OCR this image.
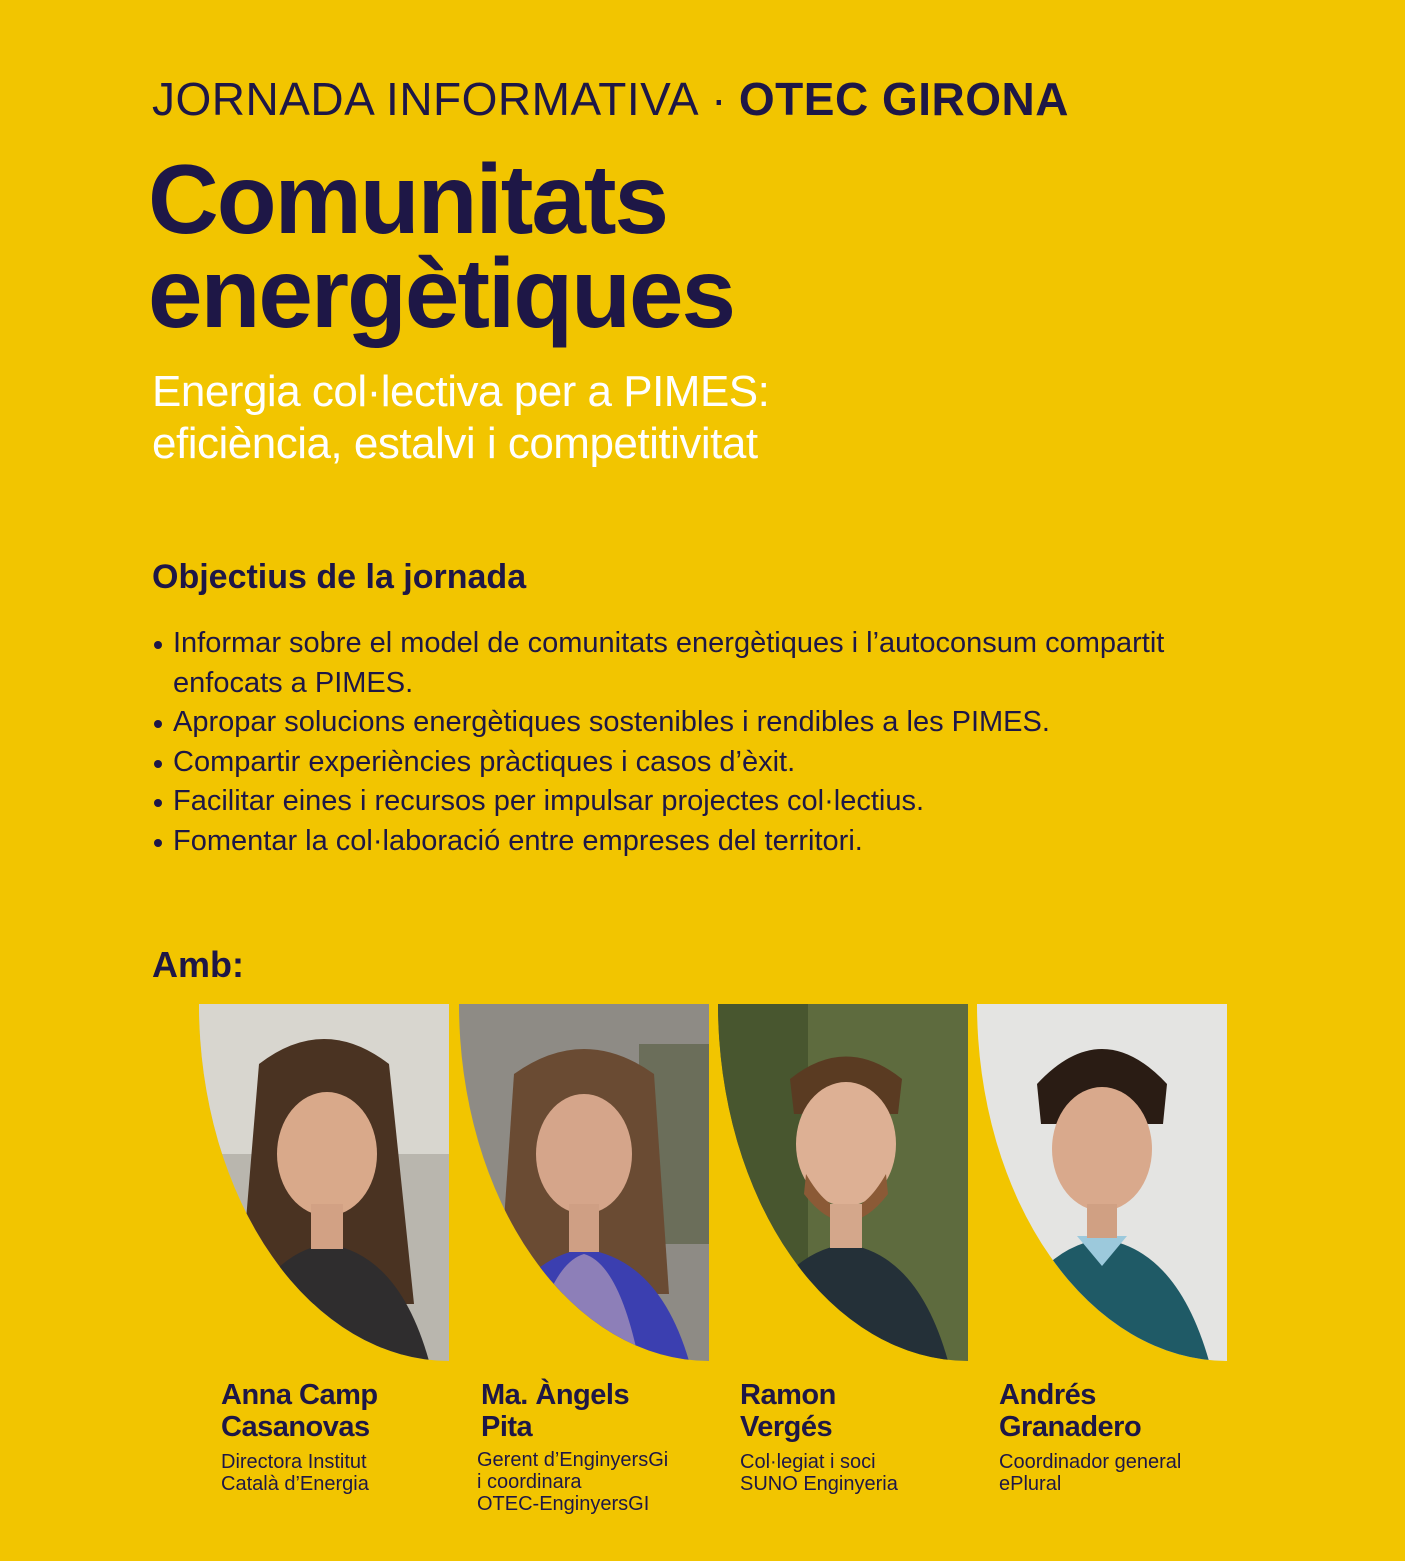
JORNADA INFORMATIVA · OTEC GIRONA
Comunitats
energètiques

Energia col·lectiva per a PIMES:
eficiència, estalvi i competitivitat

Objectius de la jornada
Informar sobre el model de comunitats energètiques i l’autoconsum compartit enfocats a PIMES.
Apropar solucions energètiques sostenibles i rendibles a les PIMES.
Compartir experiències pràctiques i casos d’èxit.
Facilitar eines i recursos per impulsar projectes col·lectius.
Fomentar la col·laboració entre empreses del territori.
Amb:
Anna Camp
Casanovas
Directora Institut
Català d’Energia
Ma. Àngels
Pita
Gerent d’EnginyersGi
i coordinara
OTEC-EnginyersGI
Ramon
Vergés
Col·legiat i soci
SUNO Enginyeria
Andrés
Granadero
Coordinador general
ePlural
